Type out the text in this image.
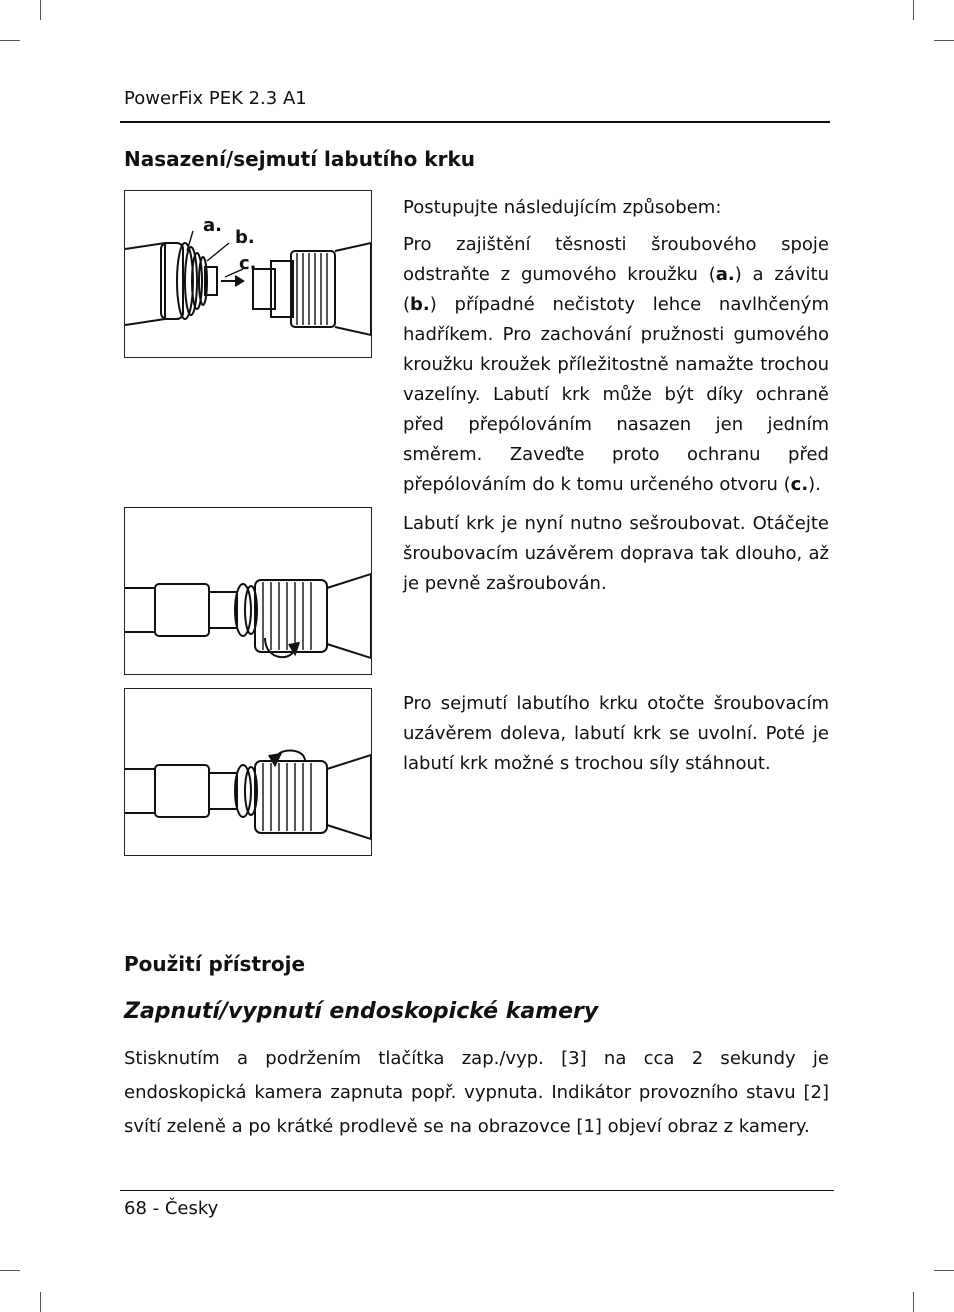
PowerFix PEK 2.3 A1
Nasazení/sejmutí labutího krku
a.
b.
c.

Postupujte následujícím způsobem:

Pro zajištění těsnosti šroubového spoje odstraňte z gumového kroužku (a.) a závitu (b.) případné nečistoty lehce navlhčeným hadříkem. Pro zachování pružnosti gumového kroužku kroužek příležitostně namažte trochou vazelíny. Labutí krk může být díky ochraně před přepólováním nasazen jen jedním směrem. Zaveďte proto ochranu před přepólováním do k tomu určeného otvoru (c.).

Labutí krk je nyní nutno sešroubovat. Otáčejte šroubovacím uzávěrem doprava tak dlouho, až je pevně zašroubován.

Pro sejmutí labutího krku otočte šroubovacím uzávěrem doleva, labutí krk se uvolní. Poté je labutí krk možné s trochou síly stáhnout.

Použití přístroje
Zapnutí/vypnutí endoskopické kamery

Stisknutím a podržením tlačítka zap./vyp. [3] na cca 2 sekundy je endoskopická kamera zapnuta popř. vypnuta. Indikátor provozního stavu [2] svítí zeleně a po krátké prodlevě se na obrazovce [1] objeví obraz z kamery.

68 - Česky
